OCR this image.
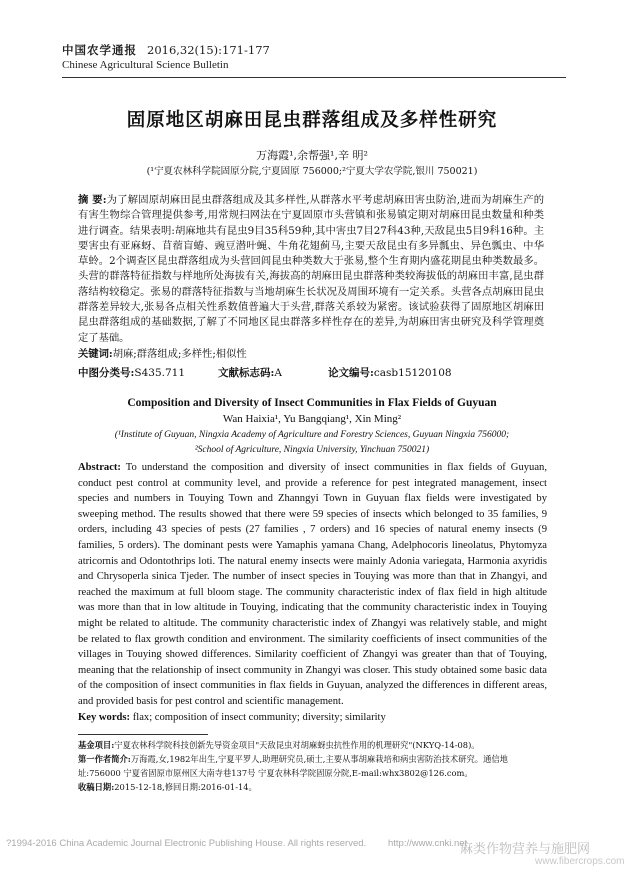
中国农学通报 2016,32(15):171-177
Chinese Agricultural Science Bulletin
固原地区胡麻田昆虫群落组成及多样性研究
万海霞¹,余帮强¹,辛 明²
(¹宁夏农林科学院固原分院,宁夏固原 756000;²宁夏大学农学院,银川 750021)
摘 要:为了解固原胡麻田昆虫群落组成及其多样性,从群落水平考虑胡麻田害虫防治,进而为胡麻生产的有害生物综合管理提供参考,用常规扫网法在宁夏固原市头营镇和张易镇定期对胡麻田昆虫数量和种类进行调查。结果表明:胡麻地共有昆虫9目35科59种,其中害虫7目27科43种,天敌昆虫5目9科16种。主要害虫有亚麻蚜、苜蓿盲蝽、豌豆潜叶蝇、牛角花翅蓟马,主要天敌昆虫有多异瓢虫、异色瓢虫、中华草蛉。2个调查区昆虫群落组成为头营回闾昆虫种类数大于张易,整个生育期内盛花期昆虫种类数最多。头营的群落特征指数与样地所处海拔有关,海拔高的胡麻田昆虫群落种类较海拔低的胡麻田丰富,昆虫群落结构较稳定。张易的群落特征指数与当地胡麻生长状况及周围环境有一定关系。头营各点胡麻田昆虫群落差异较大,张易各点相关性系数值普遍大于头营,群落关系较为紧密。该试验获得了固原地区胡麻田昆虫群落组成的基础数据,了解了不同地区昆虫群落多样性存在的差异,为胡麻田害虫研究及科学管理奠定了基础。
关键词:胡麻;群落组成;多样性;相似性
中图分类号:S435.711	文献标志码:A	论文编号:casb15120108
Composition and Diversity of Insect Communities in Flax Fields of Guyuan
Wan Haixia¹, Yu Bangqiang¹, Xin Ming²
(¹Institute of Guyuan, Ningxia Academy of Agriculture and Forestry Sciences, Guyuan Ningxia 756000;
²School of Agriculture, Ningxia University, Yinchuan 750021)
Abstract: To understand the composition and diversity of insect communities in flax fields of Guyuan, conduct pest control at community level, and provide a reference for pest integrated management, insect species and numbers in Touying Town and Zhanngyi Town in Guyuan flax fields were investigated by sweeping method. The results showed that there were 59 species of insects which belonged to 35 families, 9 orders, including 43 species of pests (27 families , 7 orders) and 16 species of natural enemy insects (9 families, 5 orders). The dominant pests were Yamaphis yamana Chang, Adelphocoris lineolatus, Phytomyza atricornis and Odontothrips loti. The natural enemy insects were mainly Adonia variegata, Harmonia axyridis and Chrysoperla sinica Tjeder. The number of insect species in Touying was more than that in Zhangyi, and reached the maximum at full bloom stage. The community characteristic index of flax field in high altitude was more than that in low altitude in Touying, indicating that the community characteristic index in Touying might be related to altitude. The community characteristic index of Zhangyi was relatively stable, and might be related to flax growth condition and environment. The similarity coefficients of insect communities of the villages in Touying showed differences. Similarity coefficient of Zhangyi was greater than that of Touying, meaning that the relationship of insect community in Zhangyi was closer. This study obtained some basic data of the composition of insect communities in flax fields in Guyuan, analyzed the differences in different areas, and provided basis for pest control and scientific management.
Key words: flax; composition of insect community; diversity; similarity
基金项目:宁夏农林科学院科技创新先导资金项目"天敌昆虫对胡麻蚜虫抗性作用的机理研究"(NKYQ-14-08)。
第一作者简介:万海霞,女,1982年出生,宁夏平罗人,助理研究员,硕士,主要从事胡麻栽培和病虫害防治技术研究。通信地址:756000 宁夏省固原市原州区大南寺巷137号 宁夏农林科学院固原分院,E-mail:whx3802@126.com。
收稿日期:2015-12-18,修回日期:2016-01-14。
?1994-2016 China Academic Journal Electronic Publishing House. All rights reserved. http://www.cnki.net
麻类作物营养与施肥网
www.fibercrops.com
